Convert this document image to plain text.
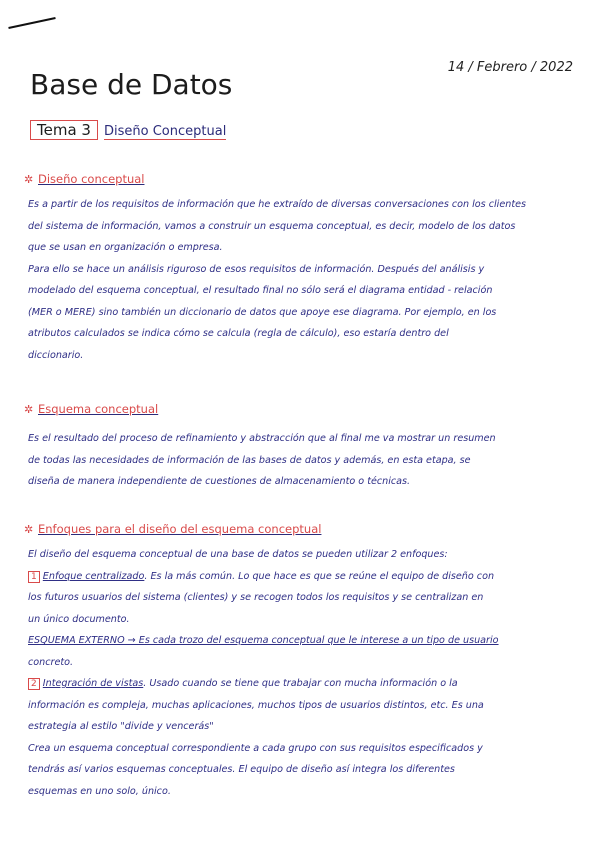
14 / Febrero / 2022
Base de Datos
Tema 3	Diseño Conceptual
✲ Diseño conceptual
Es a partir de los requisitos de información que he extraído de diversas conversaciones con los clientes
del sistema de información, vamos a construir un esquema conceptual, es decir, modelo de los datos
que se usan en organización o empresa.
Para ello se hace un análisis riguroso de esos requisitos de información. Después del análisis y
modelado del esquema conceptual, el resultado final no sólo será el diagrama entidad - relación
(MER o MERE) sino también un diccionario de datos que apoye ese diagrama. Por ejemplo, en los
atributos calculados se indica cómo se calcula (regla de cálculo), eso estaría dentro del
diccionario.
✲ Esquema conceptual
Es el resultado del proceso de refinamiento y abstracción que al final me va mostrar un resumen
de todas las necesidades de información de las bases de datos y además, en esta etapa, se
diseña de manera independiente de cuestiones de almacenamiento o técnicas.
✲ Enfoques para el diseño del esquema conceptual
El diseño del esquema conceptual de una base de datos se pueden utilizar 2 enfoques:
1 Enfoque centralizado. Es la más común. Lo que hace es que se reúne el equipo de diseño con
los futuros usuarios del sistema (clientes) y se recogen todos los requisitos y se centralizan en
un único documento.
ESQUEMA EXTERNO → Es cada trozo del esquema conceptual que le interese a un tipo de usuario
concreto.
2 Integración de vistas. Usado cuando se tiene que trabajar con mucha información o la
información es compleja, muchas aplicaciones, muchos tipos de usuarios distintos, etc. Es una
estrategia al estilo "divide y vencerás"
Crea un esquema conceptual correspondiente a cada grupo con sus requisitos especificados y
tendrás así varios esquemas conceptuales. El equipo de diseño así integra los diferentes
esquemas en uno solo, único.
